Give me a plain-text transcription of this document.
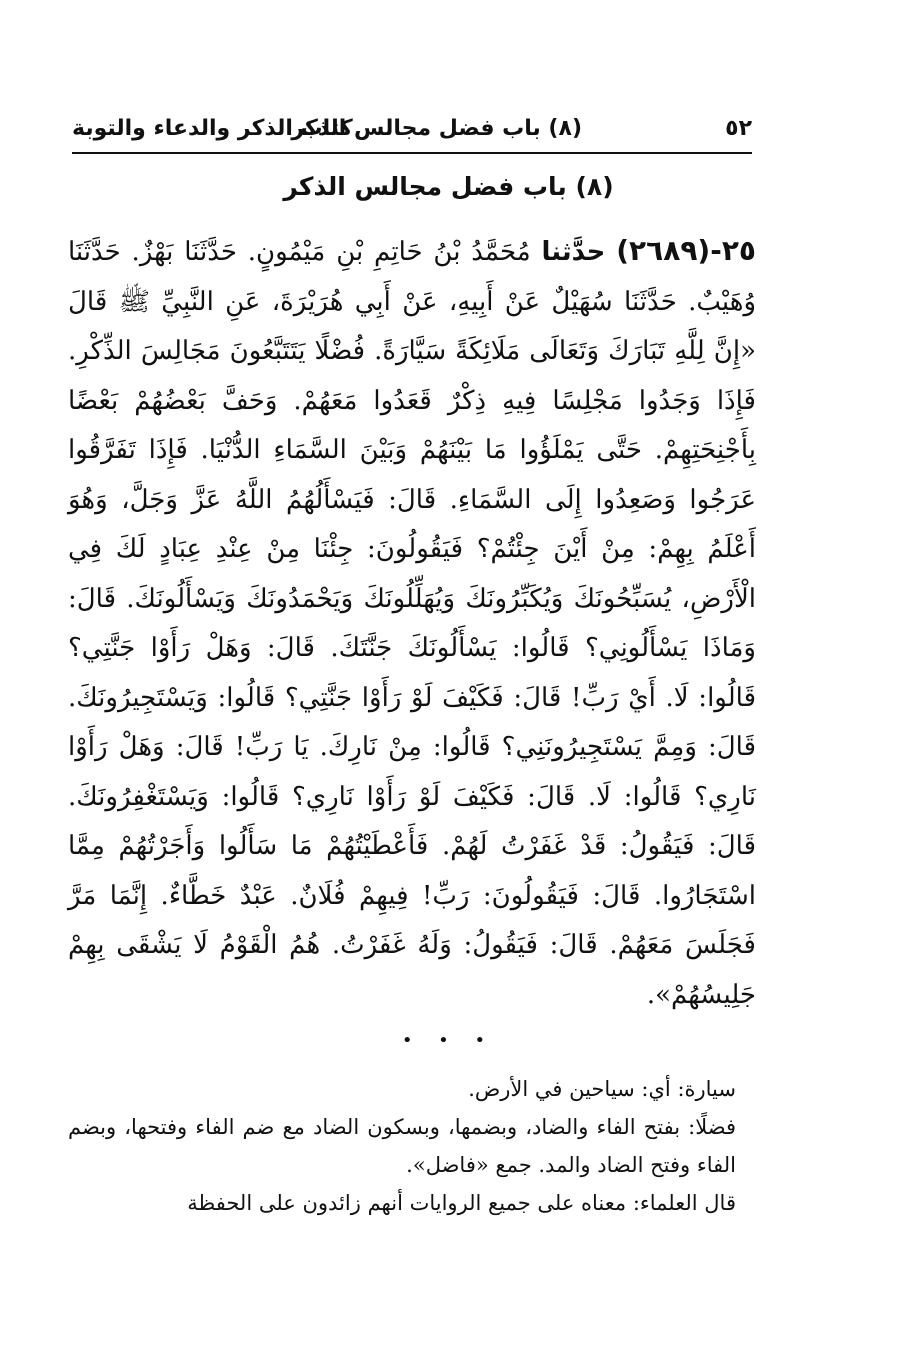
٥٢
(٨) باب فضل مجالس الذكر
كتاب الذكر والدعاء والتوبة
(٨) باب فضل مجالس الذكر
٢٥-(٢٦٨٩) حدَّثنا مُحَمَّدُ بْنُ حَاتِمِ بْنِ مَيْمُونٍ. حَدَّثَنَا بَهْزٌ. حَدَّثَنَا وُهَيْبٌ. حَدَّثَنَا سُهَيْلٌ عَنْ أَبِيهِ، عَنْ أَبِي هُرَيْرَةَ، عَنِ النَّبِيِّ ﷺ قَالَ «إِنَّ لِلَّهِ تَبَارَكَ وَتَعَالَى مَلَائِكَةً سَيَّارَةً. فُضْلًا يَتَتَبَّعُونَ مَجَالِسَ الذِّكْرِ. فَإِذَا وَجَدُوا مَجْلِسًا فِيهِ ذِكْرٌ قَعَدُوا مَعَهُمْ. وَحَفَّ بَعْضُهُمْ بَعْضًا بِأَجْنِحَتِهِمْ. حَتَّى يَمْلَؤُوا مَا بَيْنَهُمْ وَبَيْنَ السَّمَاءِ الدُّنْيَا. فَإِذَا تَفَرَّقُوا عَرَجُوا وَصَعِدُوا إِلَى السَّمَاءِ. قَالَ: فَيَسْأَلُهُمُ اللَّهُ عَزَّ وَجَلَّ، وَهُوَ أَعْلَمُ بِهِمْ: مِنْ أَيْنَ جِئْتُمْ؟ فَيَقُولُونَ: جِئْنَا مِنْ عِنْدِ عِبَادٍ لَكَ فِي الْأَرْضِ، يُسَبِّحُونَكَ وَيُكَبِّرُونَكَ وَيُهَلِّلُونَكَ وَيَحْمَدُونَكَ وَيَسْأَلُونَكَ. قَالَ: وَمَاذَا يَسْأَلُونِي؟ قَالُوا: يَسْأَلُونَكَ جَنَّتَكَ. قَالَ: وَهَلْ رَأَوْا جَنَّتِي؟ قَالُوا: لَا. أَيْ رَبِّ! قَالَ: فَكَيْفَ لَوْ رَأَوْا جَنَّتِي؟ قَالُوا: وَيَسْتَجِيرُونَكَ. قَالَ: وَمِمَّ يَسْتَجِيرُونَنِي؟ قَالُوا: مِنْ نَارِكَ. يَا رَبِّ! قَالَ: وَهَلْ رَأَوْا نَارِي؟ قَالُوا: لَا. قَالَ: فَكَيْفَ لَوْ رَأَوْا نَارِي؟ قَالُوا: وَيَسْتَغْفِرُونَكَ. قَالَ: فَيَقُولُ: قَدْ غَفَرْتُ لَهُمْ. فَأَعْطَيْتُهُمْ مَا سَأَلُوا وَأَجَرْتُهُمْ مِمَّا اسْتَجَارُوا. قَالَ: فَيَقُولُونَ: رَبِّ! فِيهِمْ فُلَانٌ. عَبْدٌ خَطَّاءٌ. إِنَّمَا مَرَّ فَجَلَسَ مَعَهُمْ. قَالَ: فَيَقُولُ: وَلَهُ غَفَرْتُ. هُمُ الْقَوْمُ لَا يَشْقَى بِهِمْ جَلِيسُهُمْ».
• • •

سيارة: أي: سياحين في الأرض.

فضلًا: بفتح الفاء والضاد، وبضمها، وبسكون الضاد مع ضم الفاء وفتحها، وبضم الفاء وفتح الضاد والمد. جمع «فاضل».

قال العلماء: معناه على جميع الروايات أنهم زائدون على الحفظة
